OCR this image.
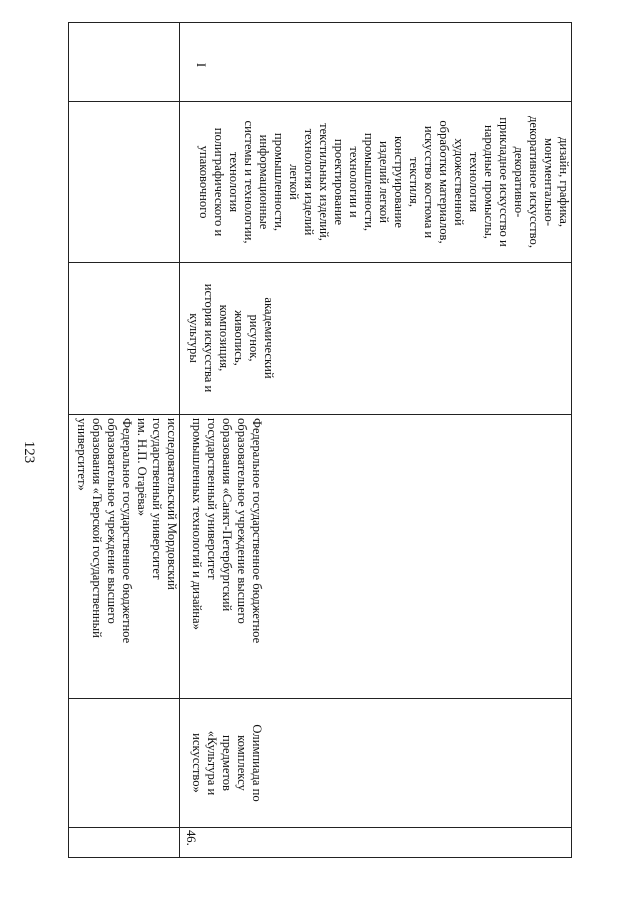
123	исследовательский Мордовский
государственный университет
им. Н.П. Огарёва»
Федеральное государственное бюджетное
образовательное учреждение высшего
образования «Тверской государственный
университет»
46.
Олимпиада по
комплексу
предметов
«Культура и
искусство»
Федеральное государственное бюджетное
образовательное учреждение высшего
образования «Санкт-Петербургский
государственный университет
промышленных технологий и дизайна»
академический
рисунок,
живопись,
композиция,
история искусства и
культуры
дизайн, графика,
монументально-
декоративное искусство,
декоративно-
прикладное искусство и
народные промыслы,
технология
художественной
обработки материалов,
искусство костюма и
текстиля,
конструирование
изделий легкой
промышленности,
технологии и
проектирование
текстильных изделий,
технология изделий
легкой
промышленности,
информационные
системы и технологии,
технология
полиграфического и
упаковочного
I
